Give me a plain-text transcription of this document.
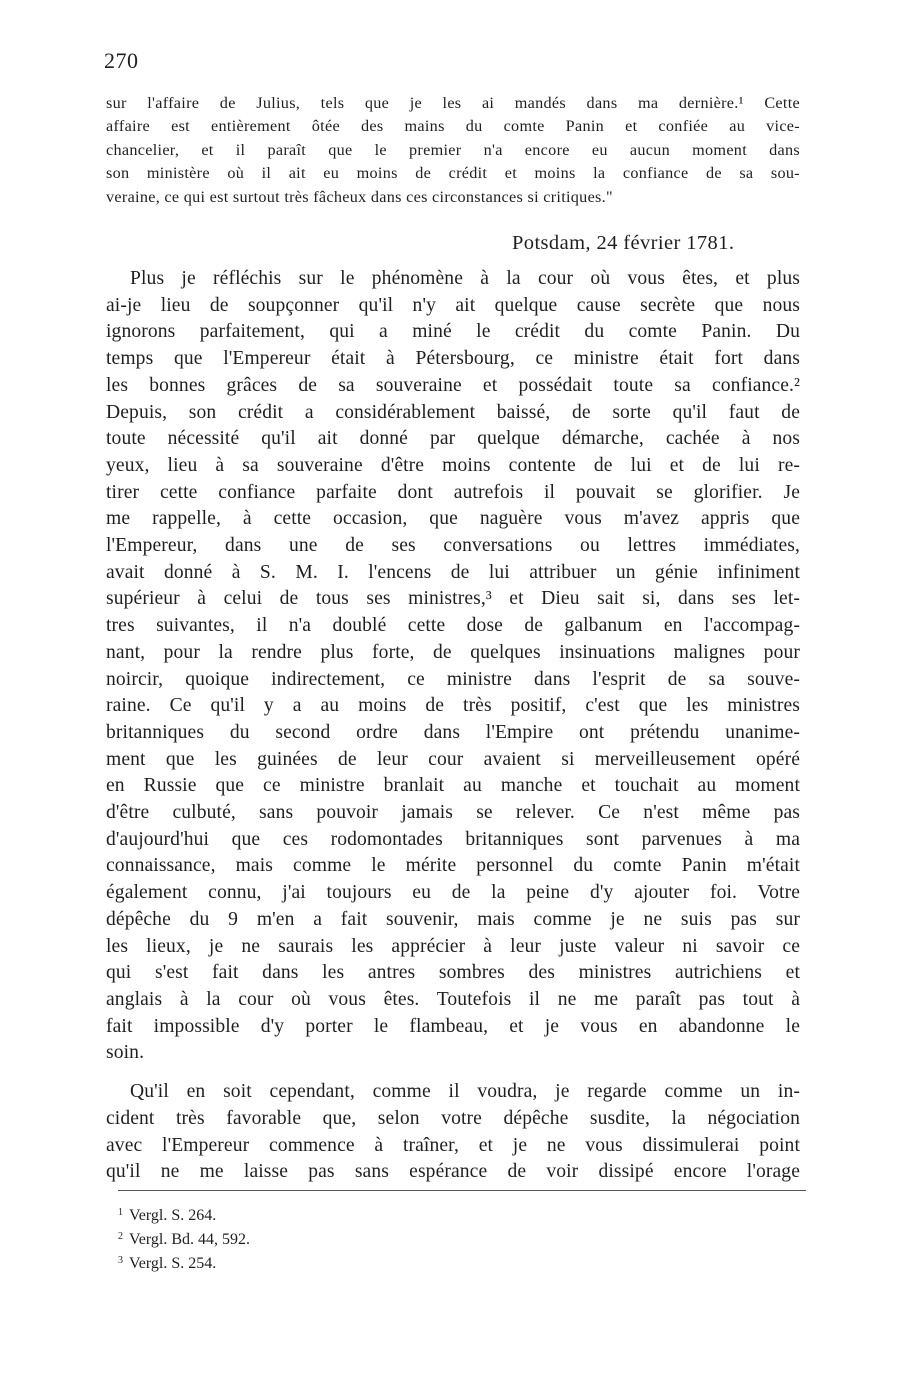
270
sur l'affaire de Julius, tels que je les ai mandés dans ma dernière.¹ Cette
affaire est entièrement ôtée des mains du comte Panin et confiée au vice-
chancelier, et il paraît que le premier n'a encore eu aucun moment dans
son ministère où il ait eu moins de crédit et moins la confiance de sa sou-
veraine, ce qui est surtout très fâcheux dans ces circonstances si critiques."
Potsdam, 24 février 1781.
Plus je réfléchis sur le phénomène à la cour où vous êtes, et plus
ai-je lieu de soupçonner qu'il n'y ait quelque cause secrète que nous
ignorons parfaitement, qui a miné le crédit du comte Panin. Du
temps que l'Empereur était à Pétersbourg, ce ministre était fort dans
les bonnes grâces de sa souveraine et possédait toute sa confiance.²
Depuis, son crédit a considérablement baissé, de sorte qu'il faut de
toute nécessité qu'il ait donné par quelque démarche, cachée à nos
yeux, lieu à sa souveraine d'être moins contente de lui et de lui re-
tirer cette confiance parfaite dont autrefois il pouvait se glorifier. Je
me rappelle, à cette occasion, que naguère vous m'avez appris que
l'Empereur, dans une de ses conversations ou lettres immédiates,
avait donné à S. M. I. l'encens de lui attribuer un génie infiniment
supérieur à celui de tous ses ministres,³ et Dieu sait si, dans ses let-
tres suivantes, il n'a doublé cette dose de galbanum en l'accompag-
nant, pour la rendre plus forte, de quelques insinuations malignes pour
noircir, quoique indirectement, ce ministre dans l'esprit de sa souve-
raine. Ce qu'il y a au moins de très positif, c'est que les ministres
britanniques du second ordre dans l'Empire ont prétendu unanime-
ment que les guinées de leur cour avaient si merveilleusement opéré
en Russie que ce ministre branlait au manche et touchait au moment
d'être culbuté, sans pouvoir jamais se relever. Ce n'est même pas
d'aujourd'hui que ces rodomontades britanniques sont parvenues à ma
connaissance, mais comme le mérite personnel du comte Panin m'était
également connu, j'ai toujours eu de la peine d'y ajouter foi. Votre
dépêche du 9 m'en a fait souvenir, mais comme je ne suis pas sur
les lieux, je ne saurais les apprécier à leur juste valeur ni savoir ce
qui s'est fait dans les antres sombres des ministres autrichiens et
anglais à la cour où vous êtes. Toutefois il ne me paraît pas tout à
fait impossible d'y porter le flambeau, et je vous en abandonne le
soin.
Qu'il en soit cependant, comme il voudra, je regarde comme un in-
cident très favorable que, selon votre dépêche susdite, la négociation
avec l'Empereur commence à traîner, et je ne vous dissimulerai point
qu'il ne me laisse pas sans espérance de voir dissipé encore l'orage
$^1$ Vergl. S. 264.
$^2$ Vergl. Bd. 44, 592.
$^3$ Vergl. S. 254.
